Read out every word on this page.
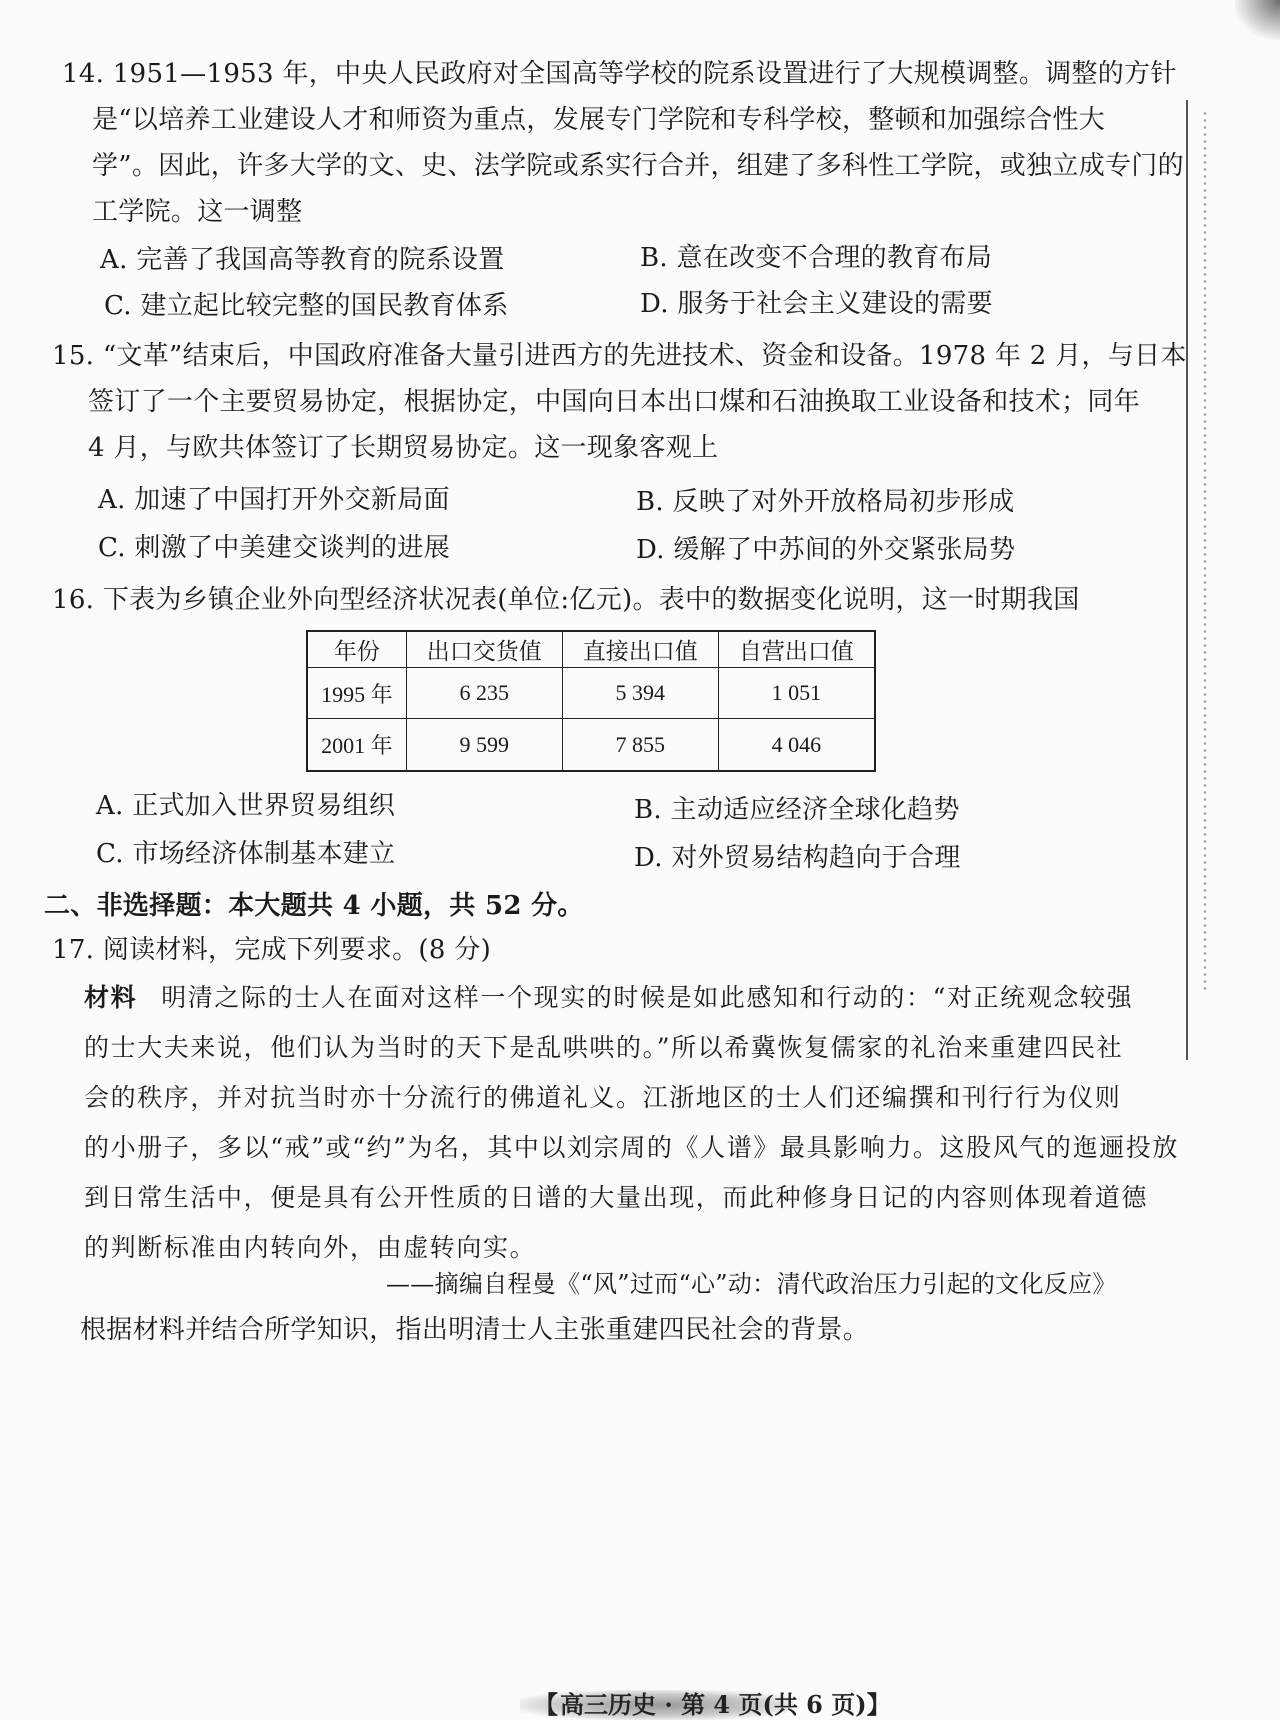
14. 1951—1953 年，中央人民政府对全国高等学校的院系设置进行了大规模调整。调整的方针
是“以培养工业建设人才和师资为重点，发展专门学院和专科学校，整顿和加强综合性大
学”。因此，许多大学的文、史、法学院或系实行合并，组建了多科性工学院，或独立成专门的
工学院。这一调整
A. 完善了我国高等教育的院系设置	B. 意在改变不合理的教育布局
C. 建立起比较完整的国民教育体系	D. 服务于社会主义建设的需要
15. “文革”结束后，中国政府准备大量引进西方的先进技术、资金和设备。1978 年 2 月，与日本
签订了一个主要贸易协定，根据协定，中国向日本出口煤和石油换取工业设备和技术；同年
4 月，与欧共体签订了长期贸易协定。这一现象客观上
A. 加速了中国打开外交新局面	B. 反映了对外开放格局初步形成
C. 刺激了中美建交谈判的进展	D. 缓解了中苏间的外交紧张局势
16. 下表为乡镇企业外向型经济状况表(单位:亿元)。表中的数据变化说明，这一时期我国
年份	出口交货值	直接出口值	自营出口值
1995 年	6 235	5 394	1 051
2001 年	9 599	7 855	4 046
A. 正式加入世界贸易组织	B. 主动适应经济全球化趋势
C. 市场经济体制基本建立	D. 对外贸易结构趋向于合理
二、非选择题：本大题共 4 小题，共 52 分。
17. 阅读材料，完成下列要求。(8 分)
材料 明清之际的士人在面对这样一个现实的时候是如此感知和行动的：“对正统观念较强
的士大夫来说，他们认为当时的天下是乱哄哄的。”所以希冀恢复儒家的礼治来重建四民社
会的秩序，并对抗当时亦十分流行的佛道礼义。江浙地区的士人们还编撰和刊行行为仪则
的小册子，多以“戒”或“约”为名，其中以刘宗周的《人谱》最具影响力。这股风气的迤逦投放
到日常生活中，便是具有公开性质的日谱的大量出现，而此种修身日记的内容则体现着道德
的判断标准由内转向外，由虚转向实。
——摘编自程曼《“风”过而“心”动：清代政治压力引起的文化反应》
根据材料并结合所学知识，指出明清士人主张重建四民社会的背景。
【高三历史 · 第 4 页(共 6 页)】
